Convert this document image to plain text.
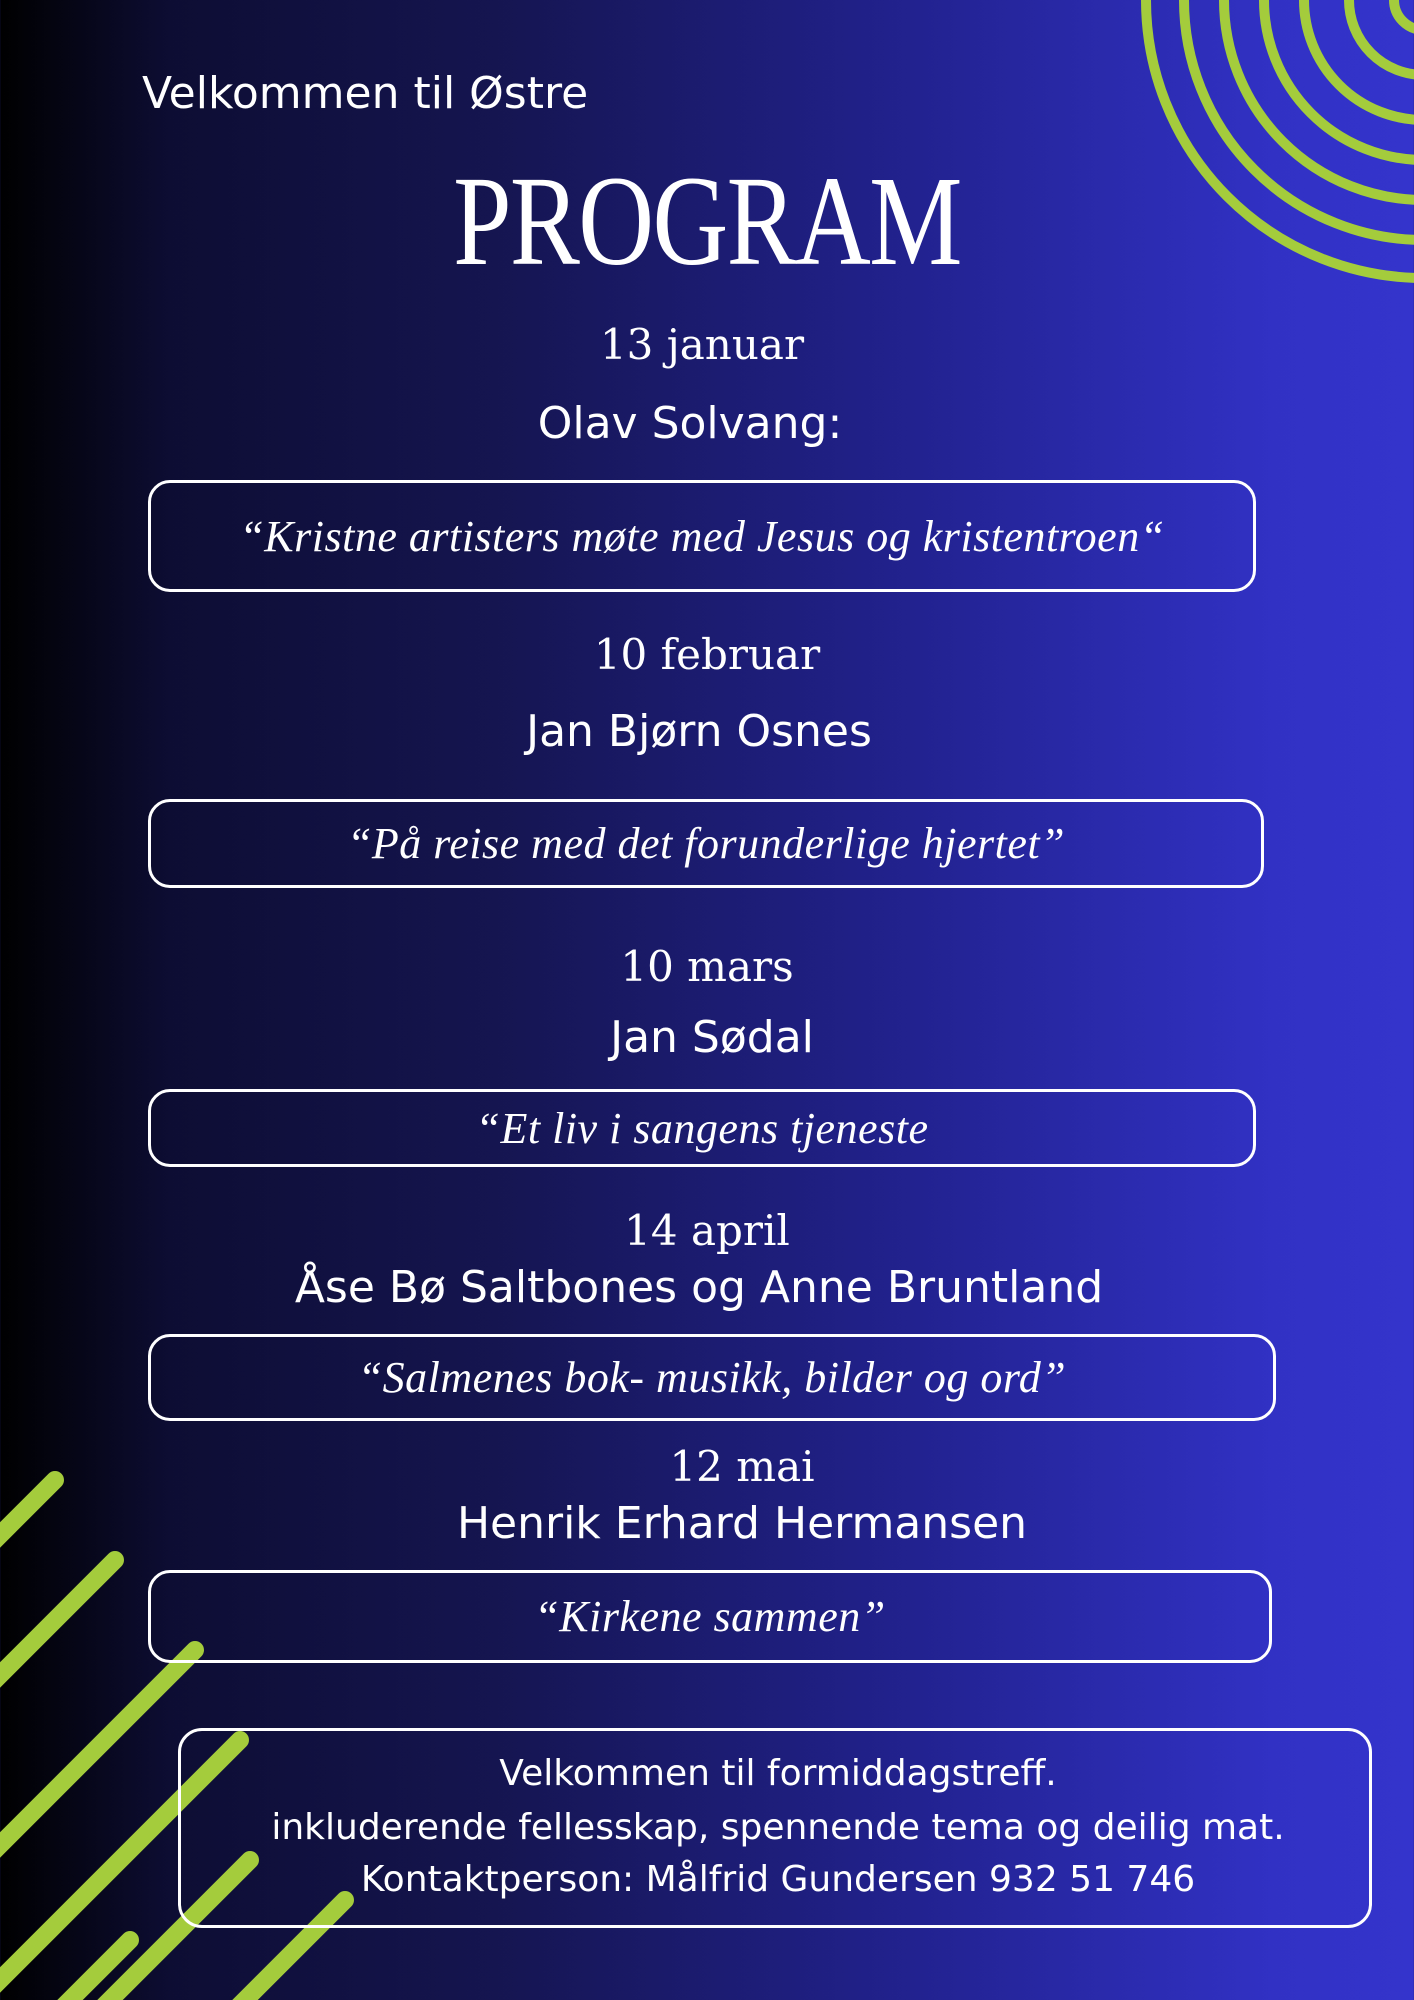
Velkommen til Østre
PROGRAM
13 januar
Olav Solvang:
“Kristne artisters møte med Jesus og kristentroen“
10 februar
Jan Bjørn Osnes
“På reise med det forunderlige hjertet”
10 mars
Jan Sødal
“Et liv i sangens tjeneste
14 april
Åse Bø Saltbones og Anne Bruntland
“Salmenes bok- musikk, bilder og ord”
12 mai
Henrik Erhard Hermansen
“Kirkene sammen”
Velkommen til formiddagstreff.
inkluderende fellesskap, spennende tema og deilig mat.
Kontaktperson: Målfrid Gundersen 932 51 746
